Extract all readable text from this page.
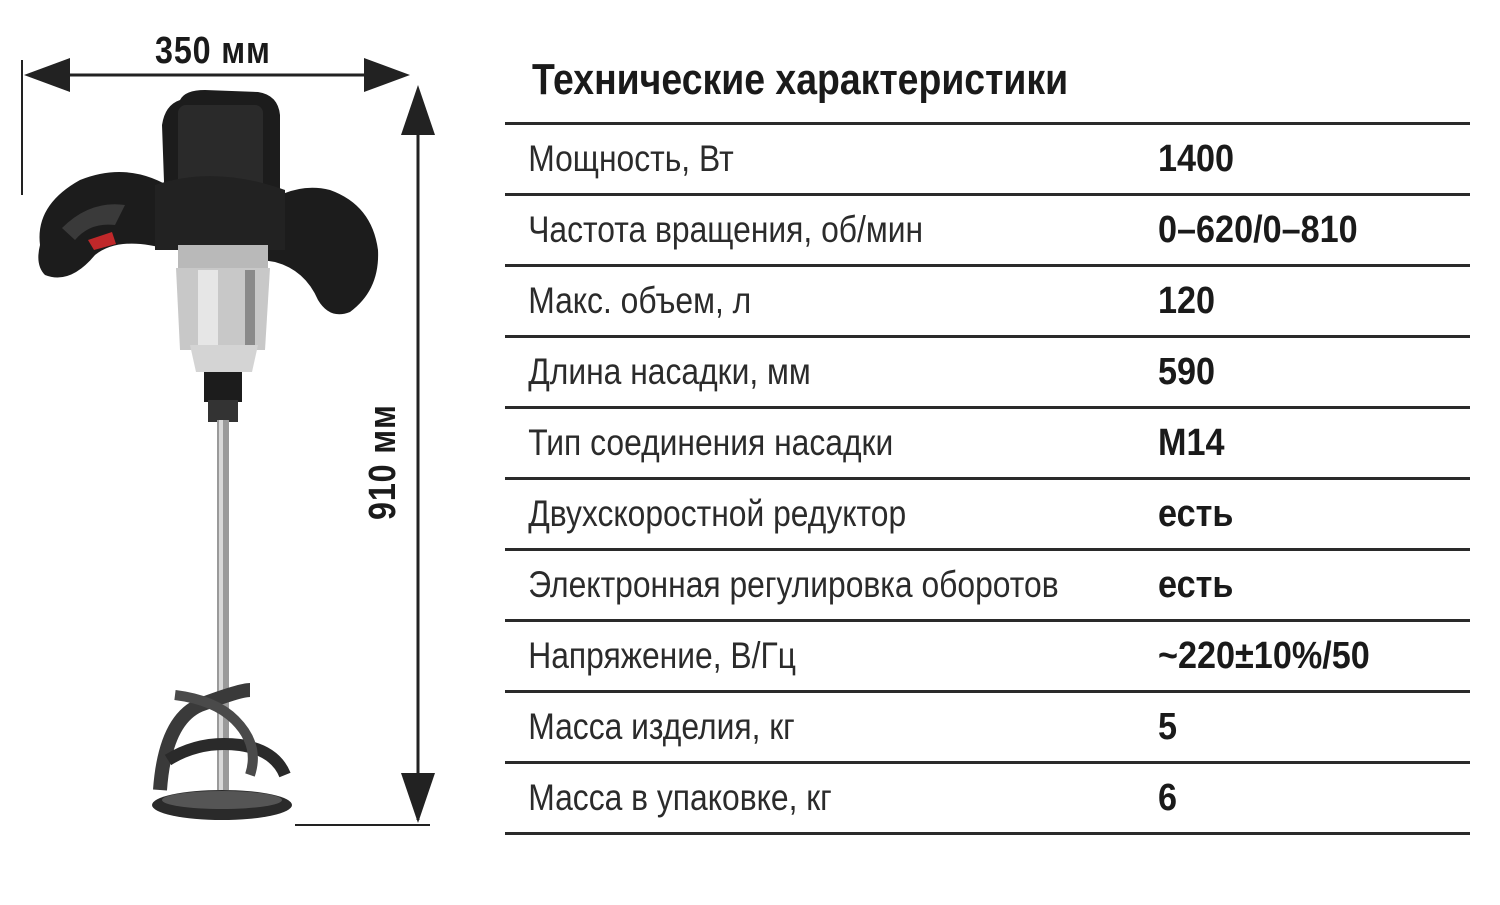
350 мм
910 мм
Технические характеристики
Мощность, Вт	1400
Частота вращения, об/мин	0–620/0–810
Макс. объем, л	120
Длина насадки, мм	590
Тип соединения насадки	M14
Двухскоростной редуктор	есть
Электронная регулировка оборотов	есть
Напряжение, В/Гц	~220±10%/50
Масса изделия, кг	5
Масса в упаковке, кг	6
